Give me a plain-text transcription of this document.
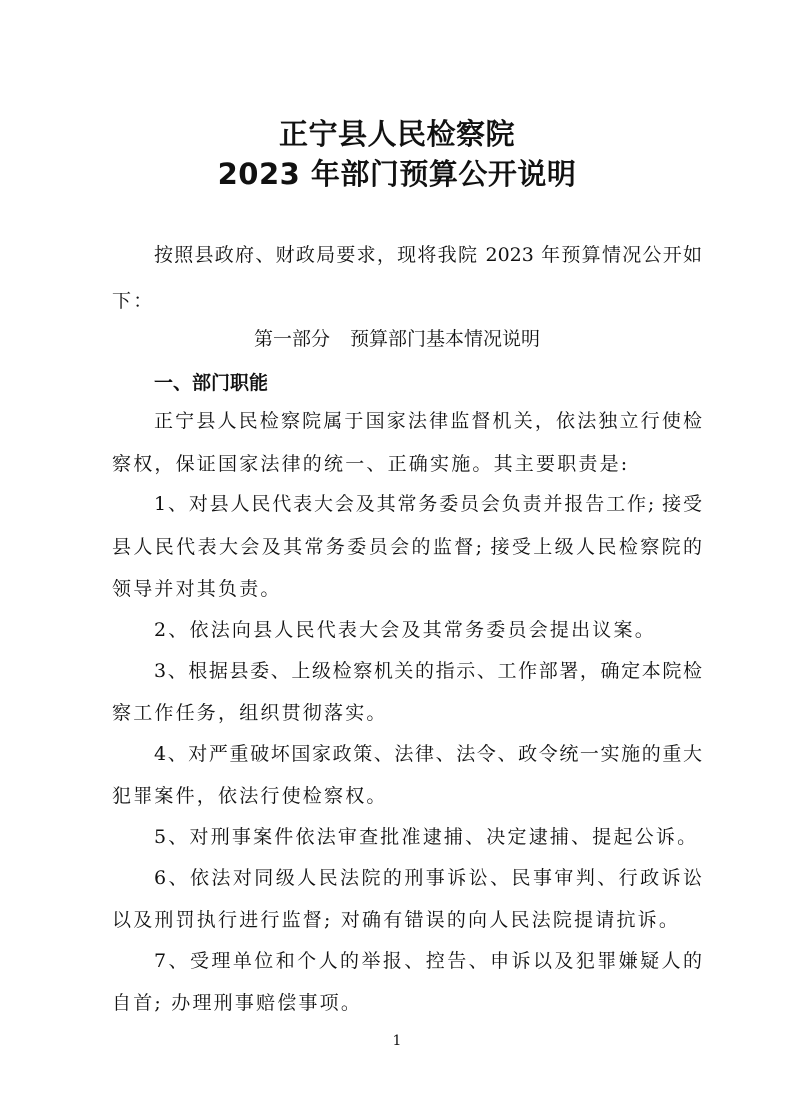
正宁县人民检察院
2023 年部门预算公开说明
按照县政府、财政局要求，现将我院 2023 年预算情况公开如
下：
第一部分 预算部门基本情况说明
一、部门职能
正宁县人民检察院属于国家法律监督机关，依法独立行使检
察权，保证国家法律的统一、正确实施。其主要职责是:
1、对县人民代表大会及其常务委员会负责并报告工作; 接受
县人民代表大会及其常务委员会的监督; 接受上级人民检察院的
领导并对其负责。
2、依法向县人民代表大会及其常务委员会提出议案。
3、根据县委、上级检察机关的指示、工作部署，确定本院检
察工作任务，组织贯彻落实。
4、对严重破坏国家政策、法律、法令、政令统一实施的重大
犯罪案件，依法行使检察权。
5、对刑事案件依法审查批准逮捕、决定逮捕、提起公诉。
6、依法对同级人民法院的刑事诉讼、民事审判、行政诉讼
以及刑罚执行进行监督; 对确有错误的向人民法院提请抗诉。
7、受理单位和个人的举报、控告、申诉以及犯罪嫌疑人的
自首; 办理刑事赔偿事项。
1
